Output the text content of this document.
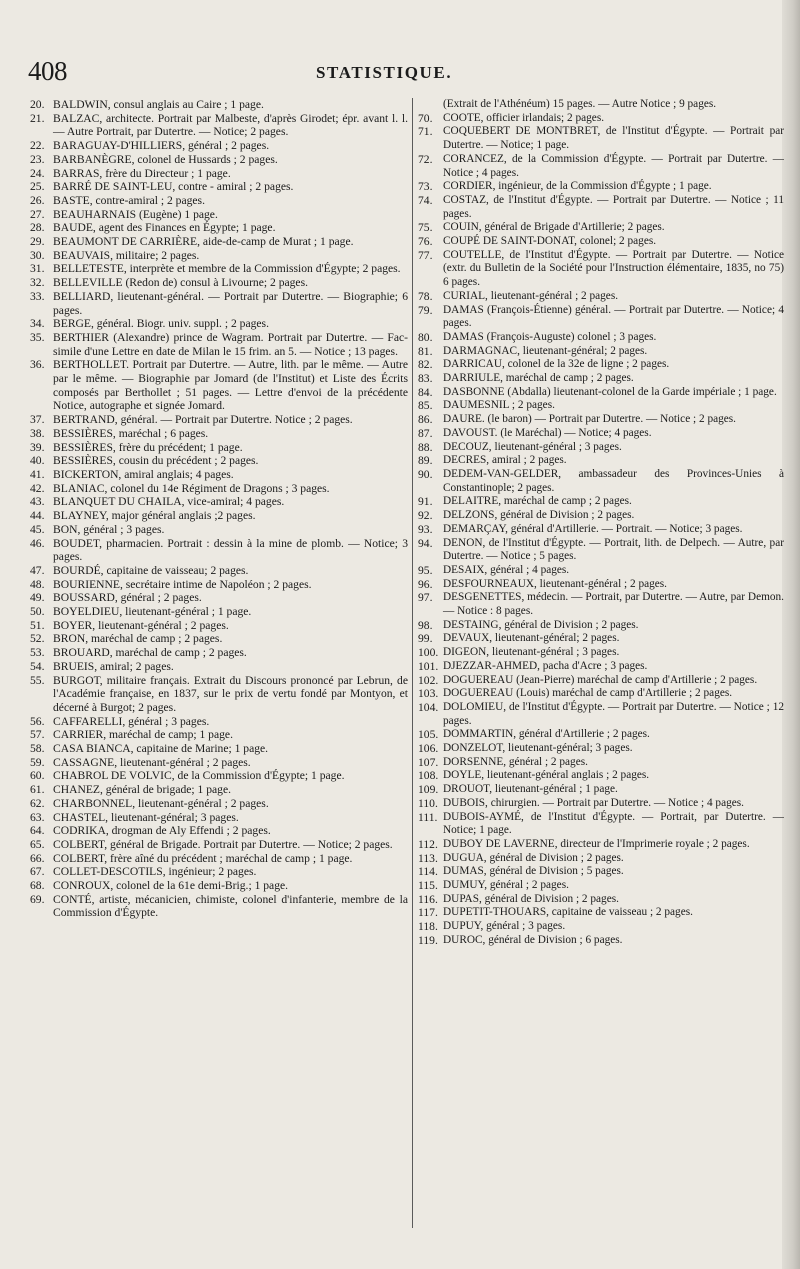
408	STATISTIQUE.
20. BALDWIN, consul anglais au Caire ; 1 page.
21. BALZAC, architecte. Portrait par Malbeste, d'après Girodet; épr. avant l. l. — Autre Portrait, par Dutertre. — Notice; 2 pages.
22. BARAGUAY-D'HILLIERS, général ; 2 pages.
23. BARBANÈGRE, colonel de Hussards ; 2 pages.
24. BARRAS, frère du Directeur ; 1 page.
25. BARRÉ DE SAINT-LEU, contre - amiral ; 2 pages.
26. BASTE, contre-amiral ; 2 pages.
27. BEAUHARNAIS (Eugène) 1 page.
28. BAUDE, agent des Finances en Égypte; 1 page.
29. BEAUMONT DE CARRIÈRE, aide-de-camp de Murat ; 1 page.
30. BEAUVAIS, militaire; 2 pages.
31. BELLETESTE, interprète et membre de la Commission d'Égypte; 2 pages.
32. BELLEVILLE (Redon de) consul à Livourne; 2 pages.
33. BELLIARD, lieutenant-général. — Portrait par Dutertre. — Biographie; 6 pages.
34. BERGE, général. Biogr. univ. suppl. ; 2 pages.
35. BERTHIER (Alexandre) prince de Wagram. Portrait par Dutertre. — Fac-simile d'une Lettre en date de Milan le 15 frim. an 5. — Notice ; 13 pages.
36. BERTHOLLET. Portrait par Dutertre. — Autre, lith. par le même. — Autre par le même. — Biographie par Jomard (de l'Institut) et Liste des Écrits composés par Berthollet ; 51 pages. — Lettre d'envoi de la précédente Notice, autographe et signée Jomard.
37. BERTRAND, général. — Portrait par Dutertre. Notice ; 2 pages.
38. BESSIÈRES, maréchal ; 6 pages.
39. BESSIÈRES, frère du précédent; 1 page.
40. BESSIÈRES, cousin du précédent ; 2 pages.
41. BICKERTON, amiral anglais; 4 pages.
42. BLANIAC, colonel du 14e Régiment de Dragons ; 3 pages.
43. BLANQUET DU CHAILA, vice-amiral; 4 pages.
44. BLAYNEY, major général anglais ;2 pages.
45. BON, général ; 3 pages.
46. BOUDET, pharmacien. Portrait : dessin à la mine de plomb. — Notice; 3 pages.
47. BOURDÉ, capitaine de vaisseau; 2 pages.
48. BOURIENNE, secrétaire intime de Napoléon ; 2 pages.
49. BOUSSARD, général ; 2 pages.
50. BOYELDIEU, lieutenant-général ; 1 page.
51. BOYER, lieutenant-général ; 2 pages.
52. BRON, maréchal de camp ; 2 pages.
53. BROUARD, maréchal de camp ; 2 pages.
54. BRUEIS, amiral; 2 pages.
55. BURGOT, militaire français. Extrait du Discours prononcé par Lebrun, de l'Académie française, en 1837, sur le prix de vertu fondé par Montyon, et décerné à Burgot; 2 pages.
56. CAFFARELLI, général ; 3 pages.
57. CARRIER, maréchal de camp; 1 page.
58. CASA BIANCA, capitaine de Marine; 1 page.
59. CASSAGNE, lieutenant-général ; 2 pages.
60. CHABROL DE VOLVIC, de la Commission d'Égypte; 1 page.
61. CHANEZ, général de brigade; 1 page.
62. CHARBONNEL, lieutenant-général ; 2 pages.
63. CHASTEL, lieutenant-général; 3 pages.
64. CODRIKA, drogman de Aly Effendi ; 2 pages.
65. COLBERT, général de Brigade. Portrait par Dutertre. — Notice; 2 pages.
66. COLBERT, frère aîné du précédent ; maréchal de camp ; 1 page.
67. COLLET-DESCOTILS, ingénieur; 2 pages.
68. CONROUX, colonel de la 61e demi-Brig.; 1 page.
69. CONTÉ, artiste, mécanicien, chimiste, colonel d'infanterie, membre de la Commission d'Égypte.
(Extrait de l'Athénéum) 15 pages. — Autre Notice ; 9 pages.
70. COOTE, officier irlandais; 2 pages.
71. COQUEBERT DE MONTBRET, de l'Institut d'Égypte. — Portrait par Dutertre. — Notice; 1 page.
72. CORANCEZ, de la Commission d'Égypte. — Portrait par Dutertre. — Notice ; 4 pages.
73. CORDIER, ingénieur, de la Commission d'Égypte ; 1 page.
74. COSTAZ, de l'Institut d'Égypte. — Portrait par Dutertre. — Notice ; 11 pages.
75. COUIN, général de Brigade d'Artillerie; 2 pages.
76. COUPÉ DE SAINT-DONAT, colonel; 2 pages.
77. COUTELLE, de l'Institut d'Égypte. — Portrait par Dutertre. — Notice (extr. du Bulletin de la Société pour l'Instruction élémentaire, 1835, no 75) 6 pages.
78. CURIAL, lieutenant-général ; 2 pages.
79. DAMAS (François-Étienne) général. — Portrait par Dutertre. — Notice; 4 pages.
80. DAMAS (François-Auguste) colonel ; 3 pages.
81. DARMAGNAC, lieutenant-général; 2 pages.
82. DARRICAU, colonel de la 32e de ligne ; 2 pages.
83. DARRIULE, maréchal de camp ; 2 pages.
84. DASBONNE (Abdalla) lieutenant-colonel de la Garde impériale ; 1 page.
85. DAUMESNIL ; 2 pages.
86. DAURE. (le baron) — Portrait par Dutertre. — Notice ; 2 pages.
87. DAVOUST. (le Maréchal) — Notice; 4 pages.
88. DECOUZ, lieutenant-général ; 3 pages.
89. DECRES, amiral ; 2 pages.
90. DEDEM-VAN-GELDER, ambassadeur des Provinces-Unies à Constantinople; 2 pages.
91. DELAITRE, maréchal de camp ; 2 pages.
92. DELZONS, général de Division ; 2 pages.
93. DEMARÇAY, général d'Artillerie. — Portrait. — Notice; 3 pages.
94. DENON, de l'Institut d'Égypte. — Portrait, lith. de Delpech. — Autre, par Dutertre. — Notice ; 5 pages.
95. DESAIX, général ; 4 pages.
96. DESFOURNEAUX, lieutenant-général ; 2 pages.
97. DESGENETTES, médecin. — Portrait, par Dutertre. — Autre, par Demon. — Notice : 8 pages.
98. DESTAING, général de Division ; 2 pages.
99. DEVAUX, lieutenant-général; 2 pages.
100. DIGEON, lieutenant-général ; 3 pages.
101. DJEZZAR-AHMED, pacha d'Acre ; 3 pages.
102. DOGUEREAU (Jean-Pierre) maréchal de camp d'Artillerie ; 2 pages.
103. DOGUEREAU (Louis) maréchal de camp d'Artillerie ; 2 pages.
104. DOLOMIEU, de l'Institut d'Égypte. — Portrait par Dutertre. — Notice ; 12 pages.
105. DOMMARTIN, général d'Artillerie ; 2 pages.
106. DONZELOT, lieutenant-général; 3 pages.
107. DORSENNE, général ; 2 pages.
108. DOYLE, lieutenant-général anglais ; 2 pages.
109. DROUOT, lieutenant-général ; 1 page.
110. DUBOIS, chirurgien. — Portrait par Dutertre. — Notice ; 4 pages.
111. DUBOIS-AYMÉ, de l'Institut d'Égypte. — Portrait, par Dutertre. — Notice; 1 page.
112. DUBOY DE LAVERNE, directeur de l'Imprimerie royale ; 2 pages.
113. DUGUA, général de Division ; 2 pages.
114. DUMAS, général de Division ; 5 pages.
115. DUMUY, général ; 2 pages.
116. DUPAS, général de Division ; 2 pages.
117. DUPETIT-THOUARS, capitaine de vaisseau ; 2 pages.
118. DUPUY, général ; 3 pages.
119. DUROC, général de Division ; 6 pages.
